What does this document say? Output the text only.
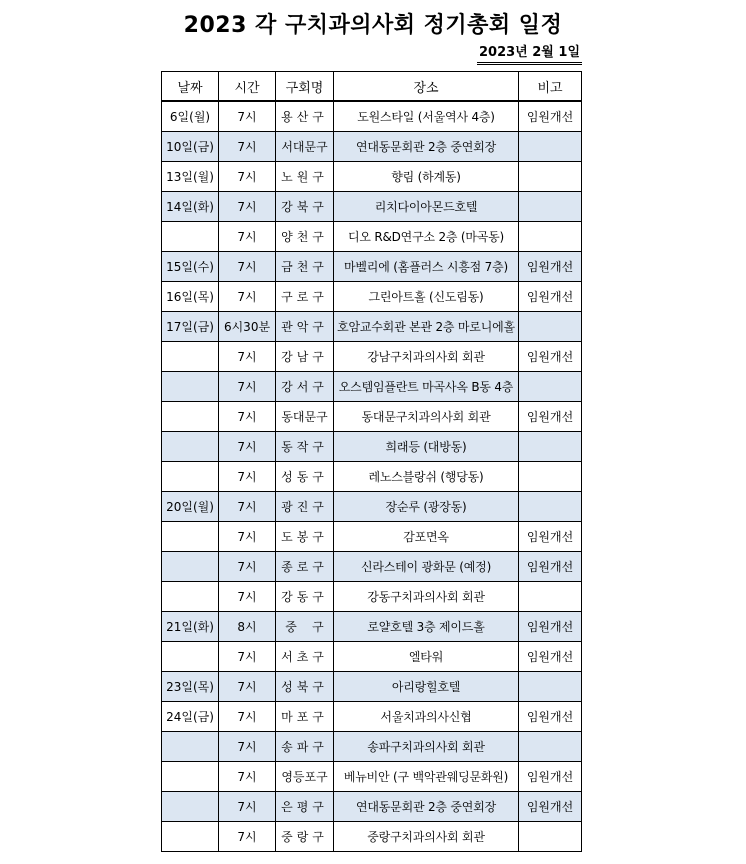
2023 각 구치과의사회 정기총회 일정
2023년 2월 1일
날짜	시간	구회명	장소	비고
6일(월)	7시	용산구	도원스타일 (서울역사 4층)	임원개선
10일(금)	7시	서대문구	연대동문회관 2층 중연회장	
13일(월)	7시	노원구	향림 (하계동)	
14일(화)	7시	강북구	리치다이아몬드호텔	
	7시	양천구	디오 R&D연구소 2층 (마곡동)	
15일(수)	7시	금천구	마벨리에 (홈플러스 시흥점 7층)	임원개선
16일(목)	7시	구로구	그린아트홀 (신도림동)	임원개선
17일(금)	6시30분	관악구	호암교수회관 본관 2층 마로니에홀	
	7시	강남구	강남구치과의사회 회관	임원개선
	7시	강서구	오스템임플란트 마곡사옥 B동 4층	
	7시	동대문구	동대문구치과의사회 회관	임원개선
	7시	동작구	희래등 (대방동)	
	7시	성동구	레노스블랑쉬 (행당동)	
20일(월)	7시	광진구	장순루 (광장동)	
	7시	도봉구	감포면옥	임원개선
	7시	종로구	신라스테이 광화문 (예정)	임원개선
	7시	강동구	강동구치과의사회 회관	
21일(화)	8시	중    구	로얄호텔 3층 제이드홀	임원개선
	7시	서초구	엘타워	임원개선
23일(목)	7시	성북구	아리랑힐호텔	
24일(금)	7시	마포구	서울치과의사신협	임원개선
	7시	송파구	송파구치과의사회 회관	
	7시	영등포구	베뉴비안 (구 백악관웨딩문화원)	임원개선
	7시	은평구	연대동문회관 2층 중연회장	임원개선
	7시	중랑구	중랑구치과의사회 회관	
